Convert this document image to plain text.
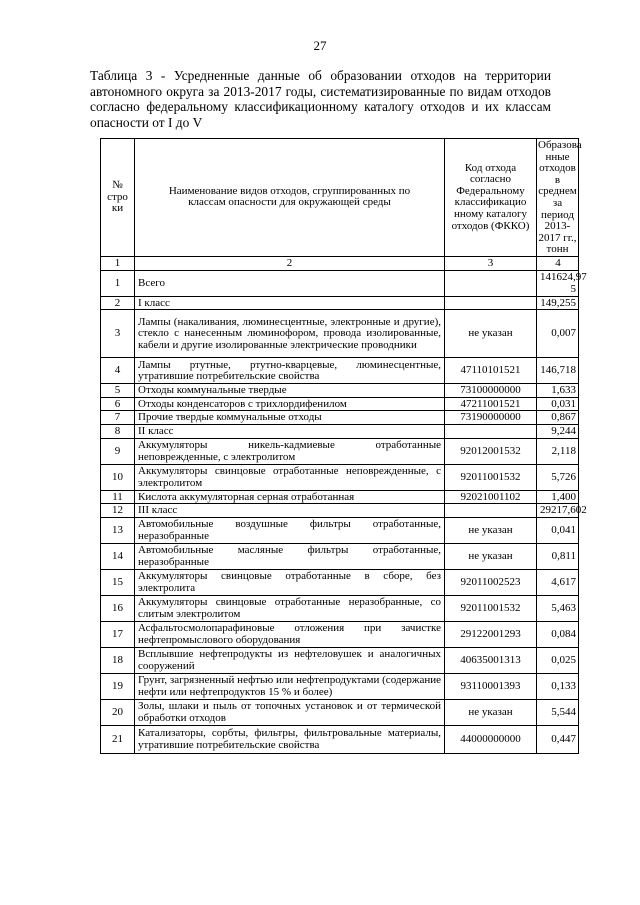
27
Таблица 3 - Усредненные данные об образовании отходов на территории автономного округа за 2013-2017 годы, систематизированные по видам отходов согласно федеральному классификационному каталогу отходов и их классам опасности от I до V
№ стро ки	Наименование видов отходов, сгруппированных по классам опасности для окружающей среды	Код отхода согласно Федеральному классификацио нному каталогу отходов (ФККО)	Образова нные отходов в среднем за период 2013-2017 гг., тонн
1	2	3	4
1	Всего		141624,97 5
2	I класс		149,255
3	Лампы (накаливания, люминесцентные, электронные и другие), стекло с нанесенным люминофором, провода изолированные, кабели и другие изолированные электрические проводники	не указан	0,007
4	Лампы ртутные, ртутно-кварцевые, люминесцентные, утратившие потребительские свойства	47110101521	146,718
5	Отходы коммунальные твердые	73100000000	1,633
6	Отходы конденсаторов с трихлордифенилом	47211001521	0,031
7	Прочие твердые коммунальные отходы	73190000000	0,867
8	II класс		9,244
9	Аккумуляторы никель-кадмиевые отработанные неповрежденные, с электролитом	92012001532	2,118
10	Аккумуляторы свинцовые отработанные неповрежденные, с электролитом	92011001532	5,726
11	Кислота аккумуляторная серная отработанная	92021001102	1,400
12	III класс		29217,602
13	Автомобильные воздушные фильтры отработанные, неразобранные	не указан	0,041
14	Автомобильные масляные фильтры отработанные, неразобранные	не указан	0,811
15	Аккумуляторы свинцовые отработанные в сборе, без электролита	92011002523	4,617
16	Аккумуляторы свинцовые отработанные неразобранные, со слитым электролитом	92011001532	5,463
17	Асфальтосмолопарафиновые отложения при зачистке нефтепромыслового оборудования	29122001293	0,084
18	Всплывшие нефтепродукты из нефтеловушек и аналогичных сооружений	40635001313	0,025
19	Грунт, загрязненный нефтью или нефтепродуктами (содержание нефти или нефтепродуктов 15 % и более)	93110001393	0,133
20	Золы, шлаки и пыль от топочных установок и от термической обработки отходов	не указан	5,544
21	Катализаторы, сорбты, фильтры, фильтровальные материалы, утратившие потребительские свойства	44000000000	0,447
